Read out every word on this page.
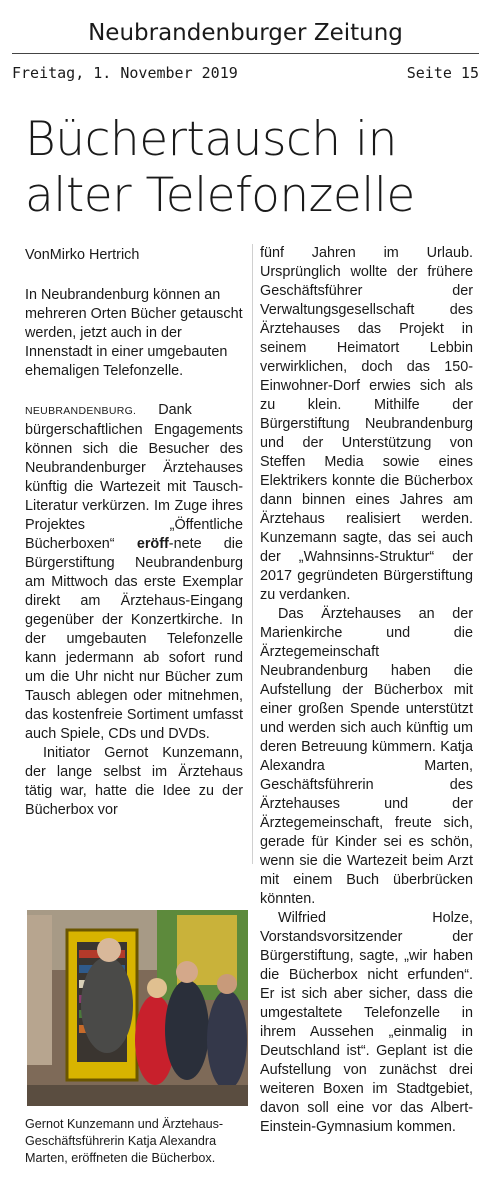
Neubrandenburger Zeitung
Freitag, 1. November 2019	Seite 15
Büchertausch in
alter Telefonzelle

VonMirko Hertrich

In Neubrandenburg können an mehreren Orten Bücher getauscht werden, jetzt auch in der Innenstadt in einer umgebauten ehemaligen Telefonzelle.

NEUBRANDENBURG. Dank bürgerschaftlichen Engagements können sich die Besucher des Neubrandenburger Ärztehauses künftig die Wartezeit mit Tausch-Literatur verkürzen. Im Zuge ihres Projektes „Öffentliche Bücherboxen“ eröff-nete die Bürgerstiftung Neubrandenburg am Mittwoch das erste Exemplar direkt am Ärztehaus-Eingang gegenüber der Konzertkirche. In der umgebauten Telefonzelle kann jedermann ab sofort rund um die Uhr nicht nur Bücher zum Tausch ablegen oder mitnehmen, das kostenfreie Sortiment umfasst auch Spiele, CDs und DVDs.

Initiator Gernot Kunzemann, der lange selbst im Ärztehaus tätig war, hatte die Idee zu der Bücherbox vor

Gernot Kunzemann und Ärztehaus-Geschäftsführerin Katja Alexandra Marten, eröffneten die Bücherbox.

fünf Jahren im Urlaub. Ursprünglich wollte der frühere Geschäftsführer der Verwaltungsgesellschaft des Ärztehauses das Projekt in seinem Heimatort Lebbin verwirklichen, doch das 150-Einwohner-Dorf erwies sich als zu klein. Mithilfe der Bürgerstiftung Neubrandenburg und der Unterstützung von Steffen Media sowie eines Elektrikers konnte die Bücherbox dann binnen eines Jahres am Ärztehaus realisiert werden. Kunzemann sagte, das sei auch der „Wahnsinns-Struktur“ der 2017 gegründeten Bürgerstiftung zu verdanken.

Das Ärztehauses an der Marienkirche und die Ärztegemeinschaft Neubrandenburg haben die Aufstellung der Bücherbox mit einer großen Spende unterstützt und werden sich auch künftig um deren Betreuung kümmern. Katja Alexandra Marten, Geschäftsführerin des Ärztehauses und der Ärztegemeinschaft, freute sich, gerade für Kinder sei es schön, wenn sie die Wartezeit beim Arzt mit einem Buch überbrücken könnten.

Wilfried Holze, Vorstandsvorsitzender der Bürgerstiftung, sagte, „wir haben die Bücherbox nicht erfunden“. Er ist sich aber sicher, dass die umgestaltete Telefonzelle in ihrem Aussehen „einmalig in Deutschland ist“. Geplant ist die Aufstellung von zunächst drei weiteren Boxen im Stadtgebiet, davon soll eine vor das Albert-Einstein-Gymnasium kommen.
